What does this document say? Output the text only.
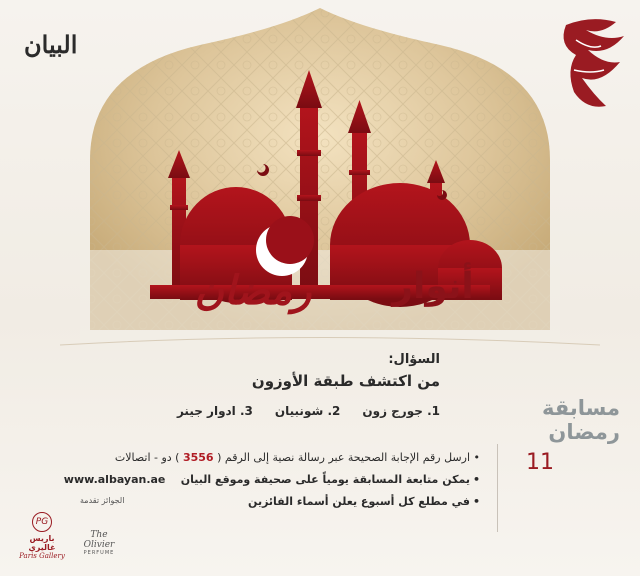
البيان
أنوار
رمضان
السؤال:
من اكتشف طبقة الأوزون
1. جورج زون
2. شونبيان
3. ادوار جينر	مسابقة رمضان
11
• ارسل رقم الإجابة الصحيحة عبر رسالة نصية إلى الرقم ( 3556 ) دو - اتصالات
• يمكن متابعة المسابقة يومياً على صحيفة وموقع البيان    www.albayan.ae
• في مطلع كل أسبوع يعلن أسماء الفائزين
الجوائز تقدمة
PG
باريس غاليري
Paris Gallery
The Olivier
PERFUME
